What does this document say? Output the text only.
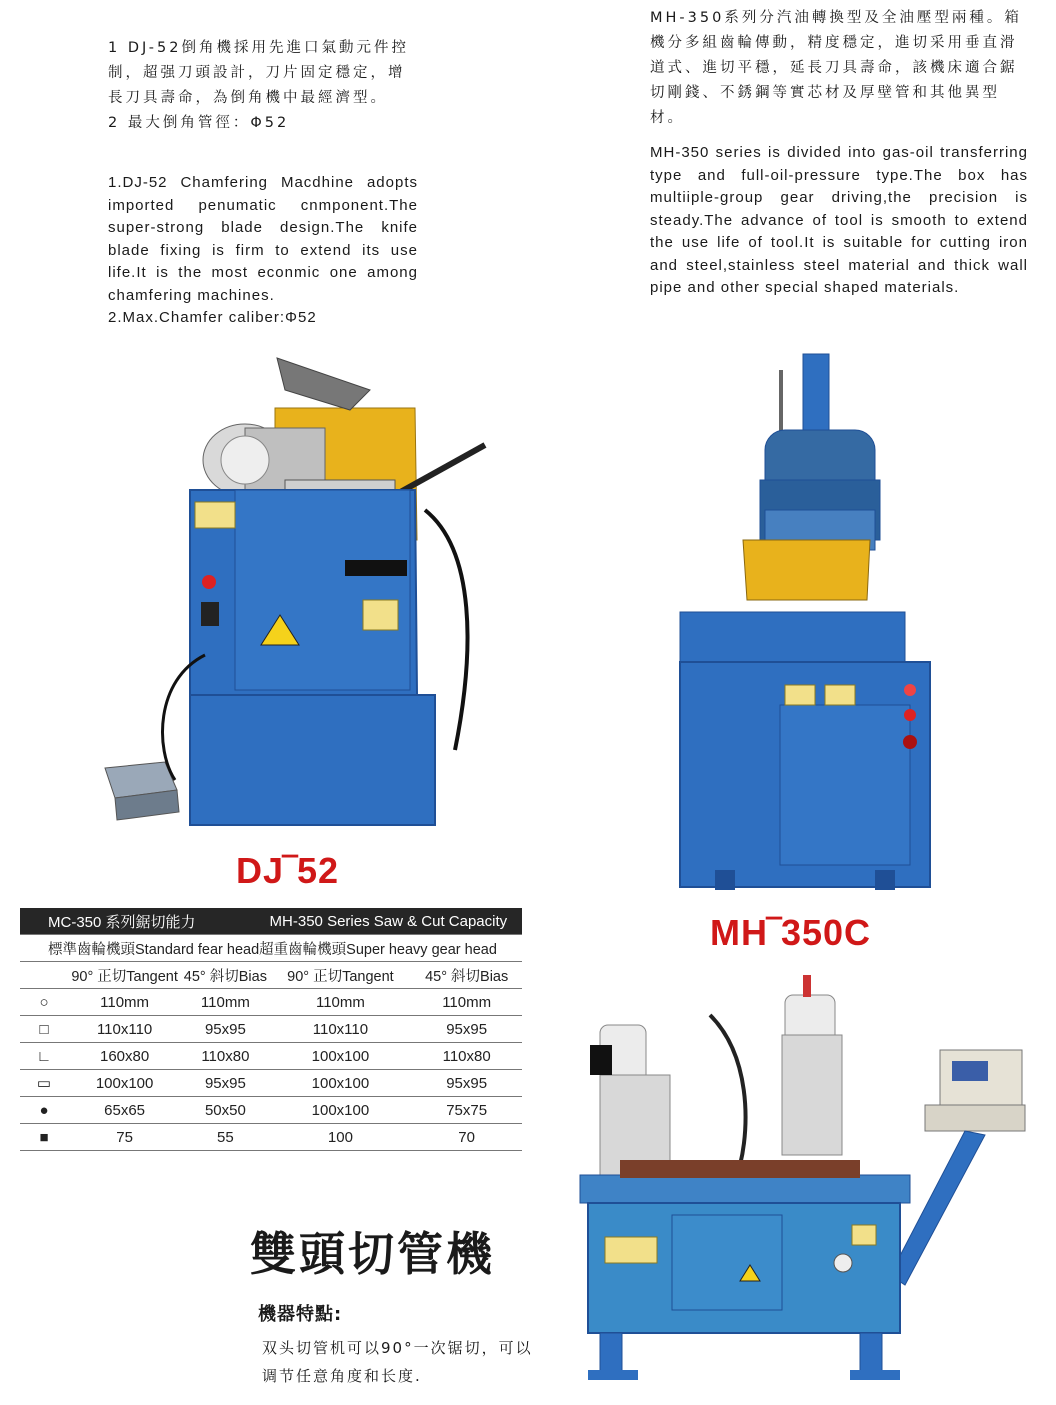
1 DJ-52倒角機採用先進口氣動元件控制，超强刀頭設計，刀片固定穩定，增長刀具壽命，為倒角機中最經濟型。

2 最大倒角管徑：Φ52

1.DJ-52 Chamfering Macdhine adopts imported penumatic cnmponent.The super-strong blade design.The knife blade fixing is firm to extend its use life.It is the most econmic one among chamfering machines.

2.Max.Chamfer caliber:Φ52

MH-350系列分汽油轉換型及全油壓型兩種。箱機分多組齒輪傳動，精度穩定，進切采用垂直滑道式、進切平穩，延長刀具壽命，該機床適合鋸切剛錢、不銹鋼等實芯材及厚壁管和其他異型材。

MH-350 series is divided into gas-oil transferring type and full-oil-pressure type.The box has multiiple-group gear driving,the precision is steady.The advance of tool is smooth to extend the use life of tool.It is suitable for cutting iron and steel,stainless steel material and thick wall pipe and other special shaped materials.

DJ‾52
MH‾350C
MC-350 系列鋸切能力			MH-350 Series Saw & Cut Capacity	
標準齒輪機頭Standard fear head超重齒輪機頭Super heavy gear head				
	90° 正切Tangent	45° 斜切Bias	90° 正切Tangent	45° 斜切Bias
○	110mm	110mm	110mm	110mm
□	110x110	95x95	110x110	95x95
∟	160x80	110x80	100x100	110x80
▭	100x100	95x95	100x100	95x95
●	65x65	50x50	100x100	75x75
■	75	55	100	70
雙頭切管機
機器特點:
双头切管机可以90°一次锯切，可以调节任意角度和长度.
